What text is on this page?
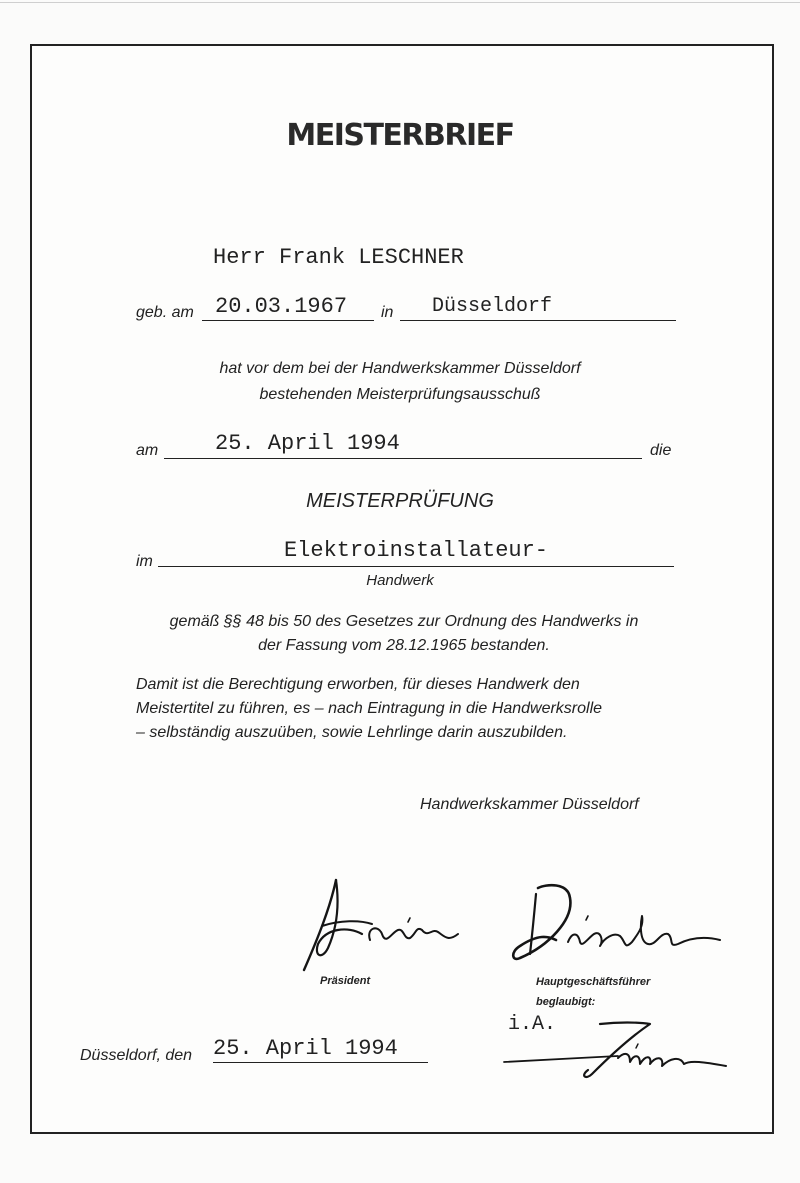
MEISTERBRIEF
Herr Frank LESCHNER
geb. am 20.03.1967 in Düsseldorf
hat vor dem bei der Handwerkskammer Düsseldorf
bestehenden Meisterprüfungsausschuß
am	25. April 1994	die
MEISTERPRÜFUNG
im	Elektroinstallateur-
Handwerk
gemäß §§ 48 bis 50 des Gesetzes zur Ordnung des Handwerks in
der Fassung vom 28.12.1965 bestanden.
Damit ist die Berechtigung erworben, für dieses Handwerk den
Meistertitel zu führen, es – nach Eintragung in die Handwerksrolle
– selbständig auszuüben, sowie Lehrlinge darin auszubilden.
Handwerkskammer Düsseldorf
Präsident	Hauptgeschäftsführer
beglaubigt:
i.A.
Düsseldorf, den 25. April 1994
